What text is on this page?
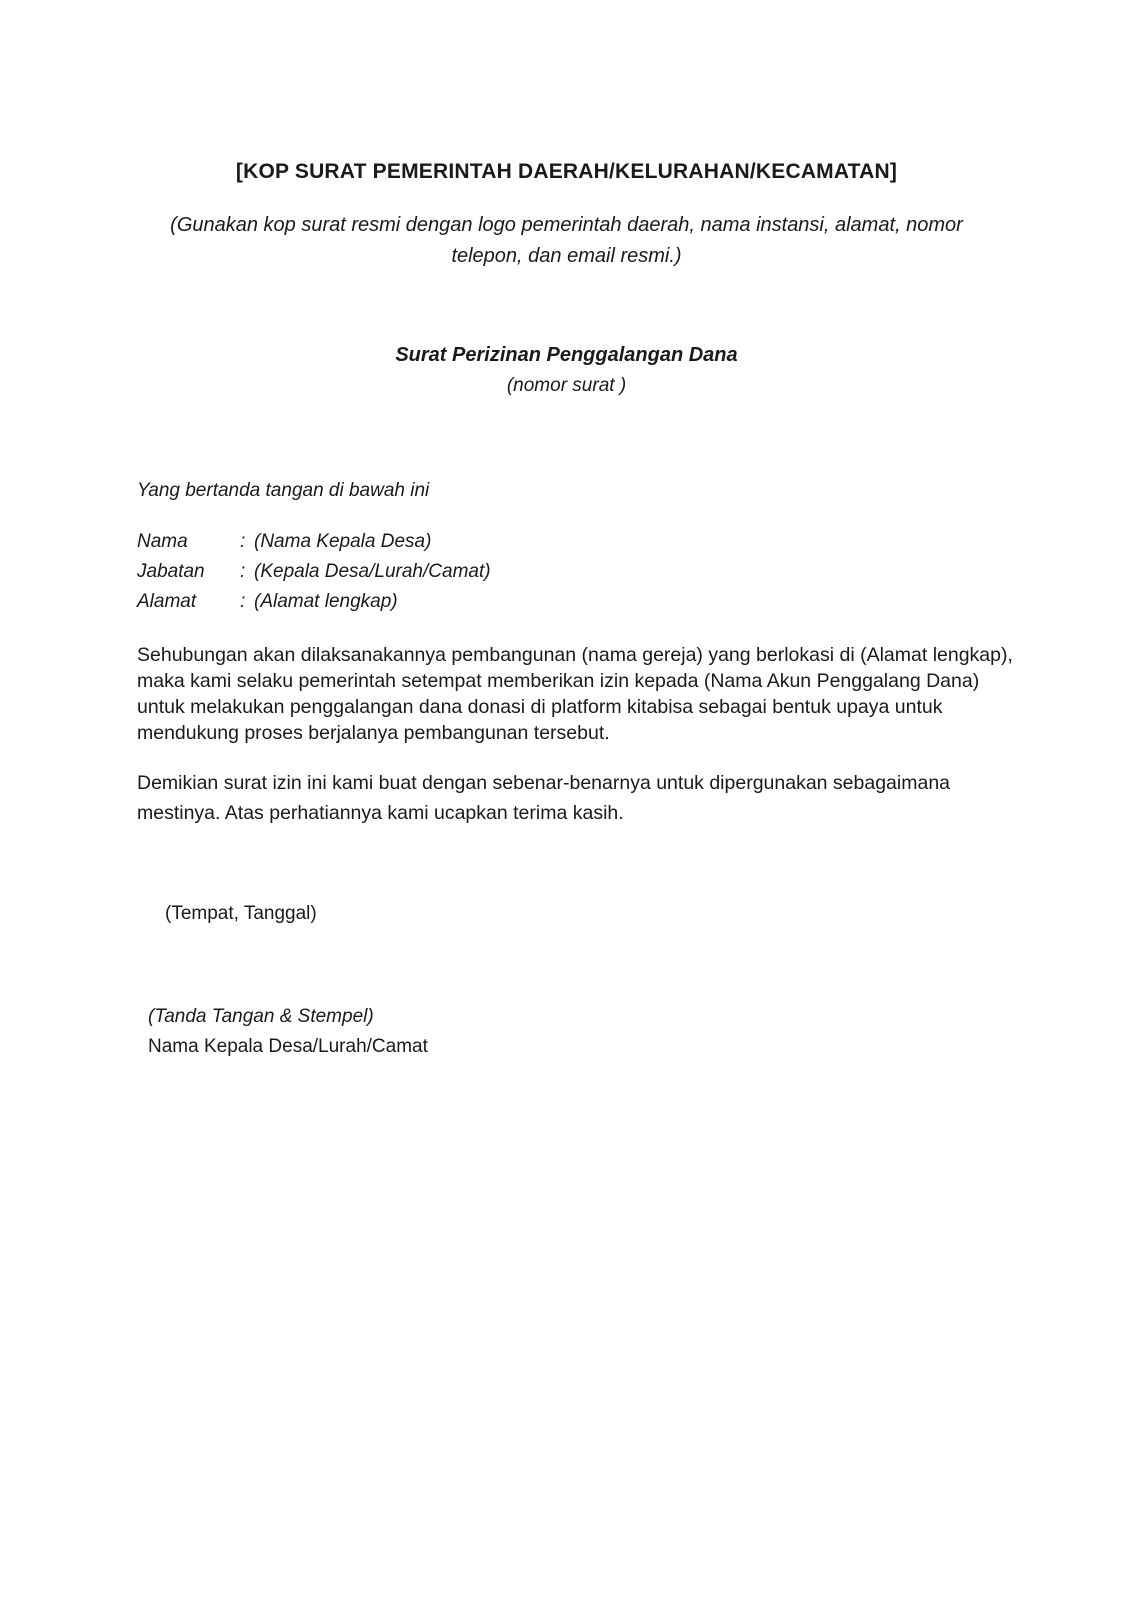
[KOP SURAT PEMERINTAH DAERAH/KELURAHAN/KECAMATAN]
(Gunakan kop surat resmi dengan logo pemerintah daerah, nama instansi, alamat, nomor telepon, dan email resmi.)
Surat Perizinan Penggalangan Dana
(nomor surat )
Yang bertanda tangan di bawah ini
Nama	: (Nama Kepala Desa)
Jabatan : (Kepala Desa/Lurah/Camat)
Alamat : (Alamat lengkap)

Sehubungan akan dilaksanakannya pembangunan (nama gereja) yang berlokasi di (Alamat lengkap), maka kami selaku pemerintah setempat memberikan izin kepada (Nama Akun Penggalang Dana) untuk melakukan penggalangan dana donasi di platform kitabisa sebagai bentuk upaya untuk mendukung proses berjalanya pembangunan tersebut.

Demikian surat izin ini kami buat dengan sebenar-benarnya untuk dipergunakan sebagaimana mestinya. Atas perhatiannya kami ucapkan terima kasih.

(Tempat, Tanggal)
(Tanda Tangan & Stempel)
Nama Kepala Desa/Lurah/Camat
